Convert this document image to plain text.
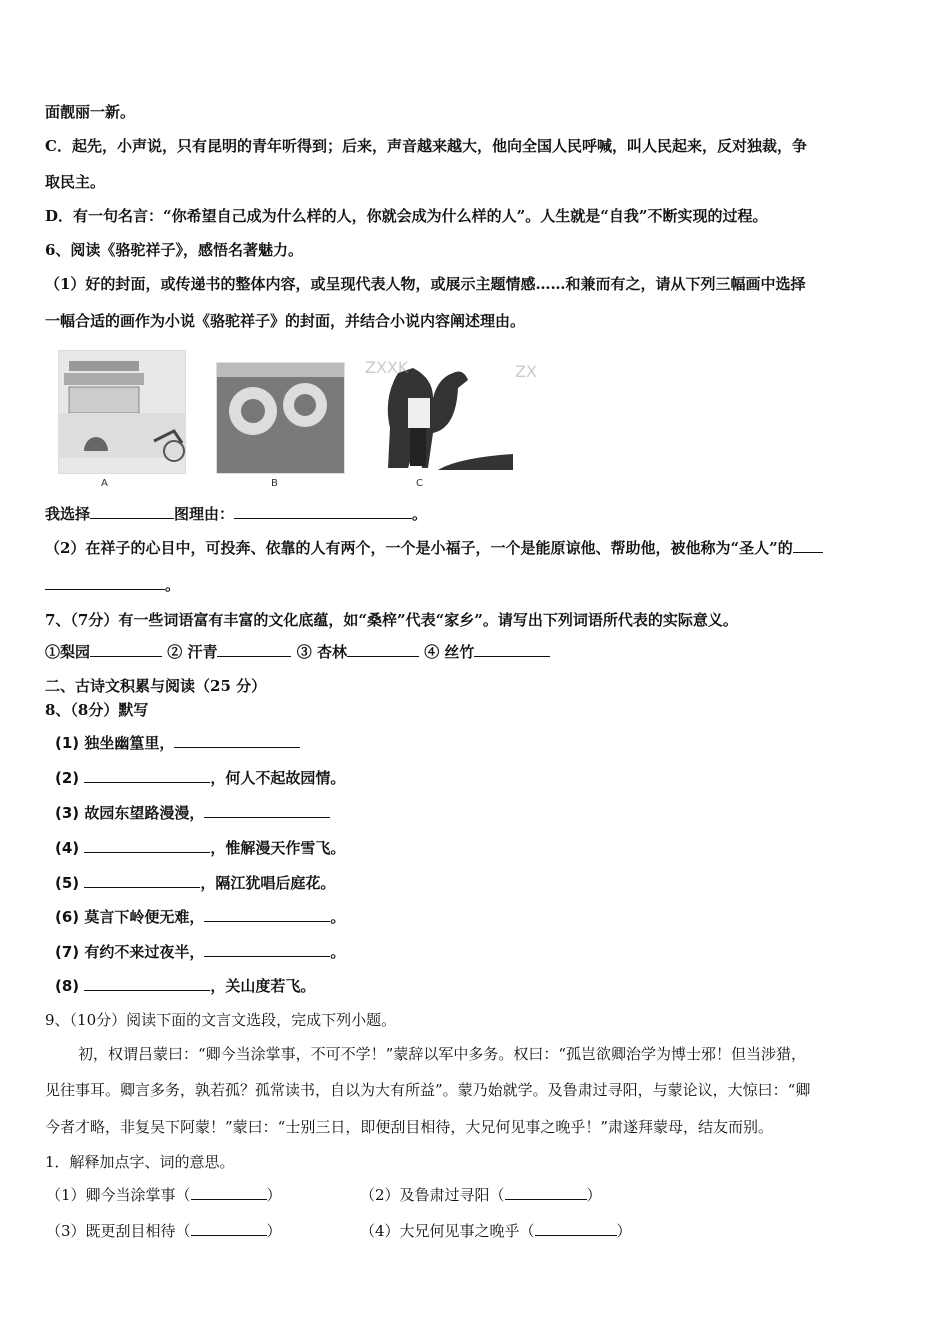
面靓丽一新。
C．起先，小声说，只有昆明的青年听得到；后来，声音越来越大，他向全国人民呼喊，叫人民起来，反对独裁，争
取民主。
D．有一句名言：“你希望自己成为什么样的人，你就会成为什么样的人”。人生就是“自我”不断实现的过程。
6、阅读《骆驼祥子》，感悟名著魅力。
（1）好的封面，或传递书的整体内容，或呈现代表人物，或展示主题情感……和兼而有之，请从下列三幅画中选择
一幅合适的画作为小说《骆驼祥子》的封面，并结合小说内容阐述理由。
A	B
ZXXK	ZX
C
我选择	图理由：	。
（2）在祥子的心目中，可投奔、依靠的人有两个，一个是小福子，一个是能原谅他、帮助他，被他称为“圣人”的
。
7、（7分）有一些词语富有丰富的文化底蕴，如“桑梓”代表“家乡”。请写出下列词语所代表的实际意义。
①梨园	② 汗青	③ 杏林	④ 丝竹
二、古诗文积累与阅读（25 分）
8、（8分）默写
(1) 独坐幽篁里，
(2)	，何人不起故园情。
(3) 故园东望路漫漫，
(4)	，惟解漫天作雪飞。
(5)	，隔江犹唱后庭花。
(6) 莫言下岭便无难，	。
(7) 有约不来过夜半，	。
(8)	，关山度若飞。
9、（10分）阅读下面的文言文选段，完成下列小题。
初，权谓吕蒙曰：“卿今当涂掌事，不可不学！”蒙辞以军中多务。权曰：“孤岂欲卿治学为博士邪！但当涉猎，
见往事耳。卿言多务，孰若孤？孤常读书，自以为大有所益”。蒙乃始就学。及鲁肃过寻阳，与蒙论议，大惊曰：“卿
今者才略，非复吴下阿蒙！”蒙曰：“士别三日，即便刮目相待，大兄何见事之晚乎！”肃遂拜蒙母，结友而别。
1．解释加点字、词的意思。
（1）卿今当涂掌事（	）	（2）及鲁肃过寻阳（	）
（3）既更刮目相待（	）	（4）大兄何见事之晚乎（	）
